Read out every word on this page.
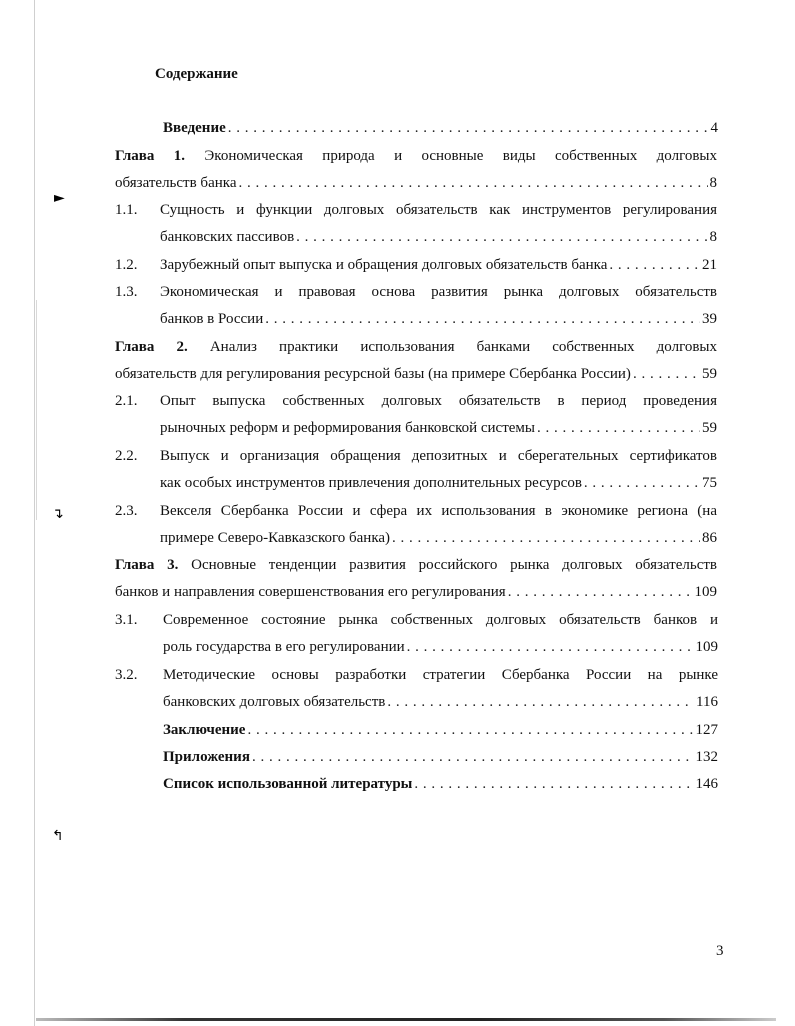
►
↴
↰
Содержание
Введение . . .	4
Глава 1. Экономическая природа и основные виды собственных долговых
обязательств банка . . .	8
1.1. Сущность и функции долговых обязательств как инструментов регулирования
банковских пассивов . . .	8
1.2. Зарубежный опыт выпуска и обращения долговых обязательств банка . . .	21
1.3. Экономическая и правовая основа развития рынка долговых обязательств
банков в России . . .	39
Глава 2. Анализ практики использования банками собственных долговых
обязательств для регулирования ресурсной базы (на примере Сбербанка России) . . .	59
2.1. Опыт выпуска собственных долговых обязательств в период проведения
рыночных реформ и реформирования банковской системы . . .	59
2.2. Выпуск и организация обращения депозитных и сберегательных сертификатов
как особых инструментов привлечения дополнительных ресурсов . . .	75
2.3. Векселя Сбербанка России и сфера их использования в экономике региона (на
примере Северо-Кавказского банка) . . .	86
Глава 3. Основные тенденции развития российского рынка долговых обязательств
банков и направления совершенствования его регулирования . . .	109
3.1. Современное состояние рынка собственных долговых обязательств банков и
роль государства в его регулировании . . .	109
3.2. Методические основы разработки стратегии Сбербанка России на рынке
банковских долговых обязательств . . .	116
Заключение . . .	127
Приложения . . .	132
Список использованной литературы . . .	146
3
